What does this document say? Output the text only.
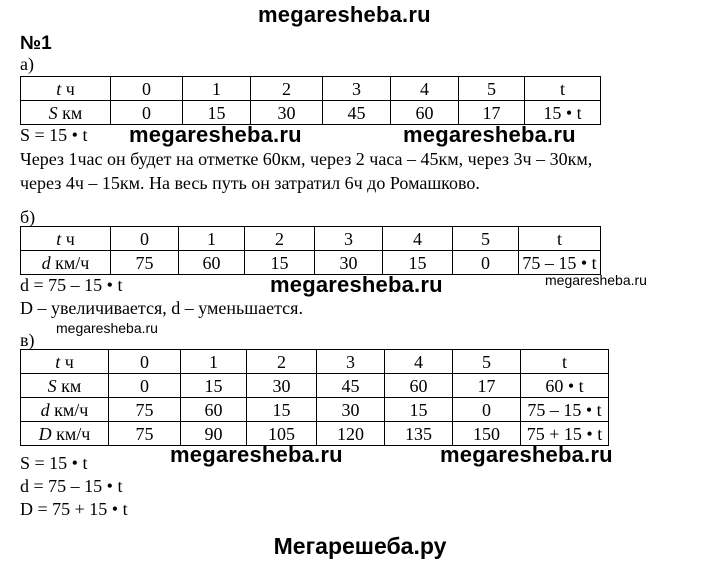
megaresheba.ru
№1
а)
t ч	0	1	2	3	4	5	t
S км	0	15	30	45	60	17	15 • t
S = 15 • t megaresheba.ru	megaresheba.ru
Через 1час он будет на отметке 60км, через 2 часа – 45км, через 3ч – 30км,
через 4ч – 15км. На весь путь он затратил 6ч до Ромашково.
б)
t ч	0	1	2	3	4	5	t
d км/ч	75	60	15	30	15	0	75 – 15 • t
d = 75 – 15 • t	megaresheba.ru	megaresheba.ru
D – увеличивается, d – уменьшается.
megaresheba.ru
в)
t ч	0	1	2	3	4	5	t
S км	0	15	30	45	60	17	60 • t
d км/ч	75	60	15	30	15	0	75 – 15 • t
D км/ч	75	90	105	120	135	150	75 + 15 • t
megaresheba.ru	megaresheba.ru
S = 15 • t
d = 75 – 15 • t
D = 75 + 15 • t
Мегарешеба.ру
